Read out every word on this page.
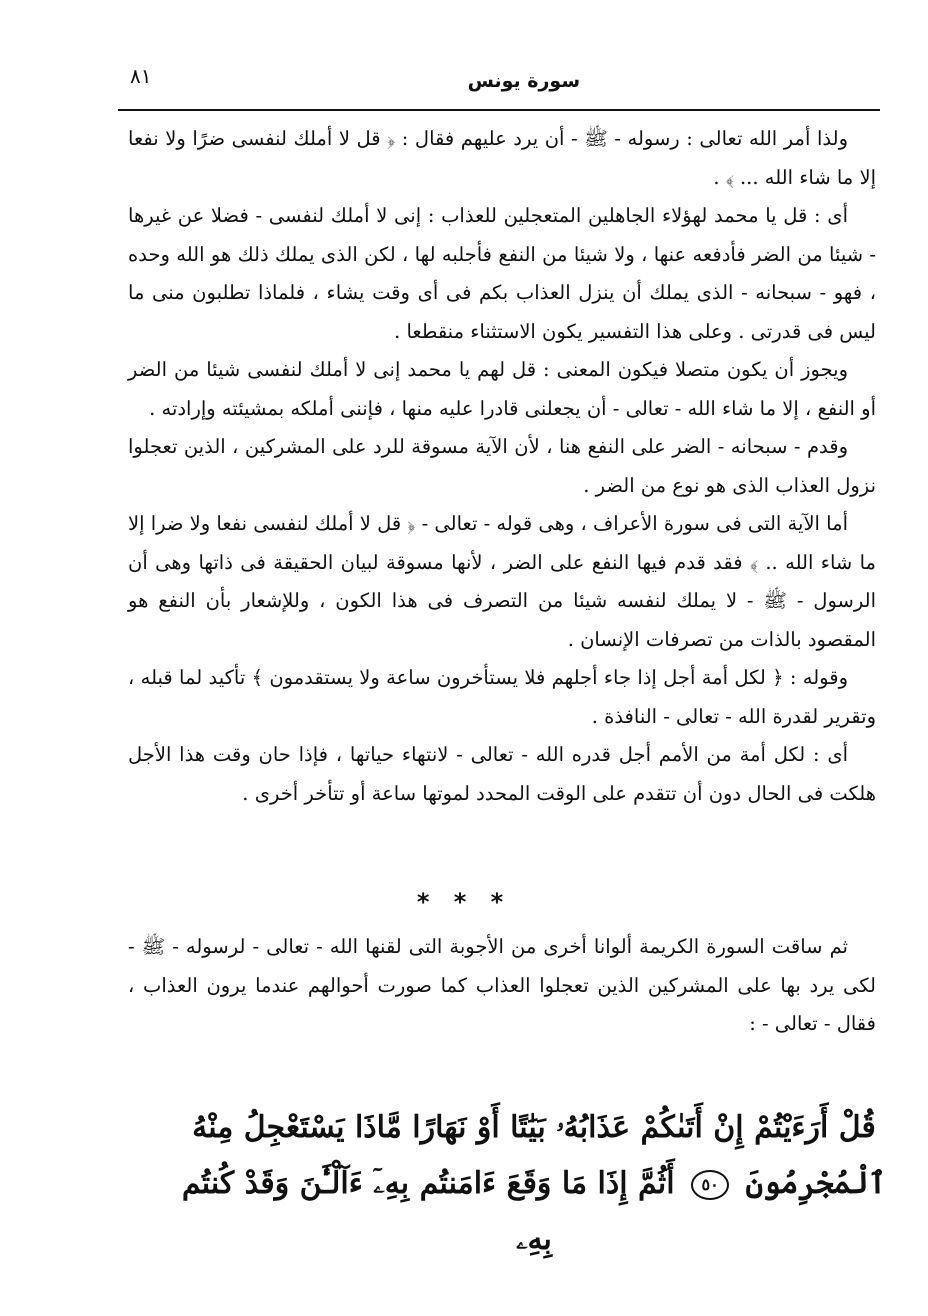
سورة يونس
٨١

ولذا أمر الله تعالى : رسوله - ﷺ - أن يرد عليهم فقال : ﴿ قل لا أملك لنفسى ضرًا ولا نفعا إلا ما شاء الله ... ﴾ .

أى : قل يا محمد لهؤلاء الجاهلين المتعجلين للعذاب : إنى لا أملك لنفسى - فضلا عن غيرها - شيئا من الضر فأدفعه عنها ، ولا شيئا من النفع فأجلبه لها ، لكن الذى يملك ذلك هو الله وحده ، فهو - سبحانه - الذى يملك أن ينزل العذاب بكم فى أى وقت يشاء ، فلماذا تطلبون منى ما ليس فى قدرتى . وعلى هذا التفسير يكون الاستثناء منقطعا .

ويجوز أن يكون متصلا فيكون المعنى : قل لهم يا محمد إنى لا أملك لنفسى شيئا من الضر أو النفع ، إلا ما شاء الله - تعالى - أن يجعلنى قادرا عليه منها ، فإننى أملكه بمشيئته وإرادته .

وقدم - سبحانه - الضر على النفع هنا ، لأن الآية مسوقة للرد على المشركين ، الذين تعجلوا نزول العذاب الذى هو نوع من الضر .

أما الآية التى فى سورة الأعراف ، وهى قوله - تعالى - ﴿ قل لا أملك لنفسى نفعا ولا ضرا إلا ما شاء الله .. ﴾ فقد قدم فيها النفع على الضر ، لأنها مسوقة لبيان الحقيقة فى ذاتها وهى أن الرسول - ﷺ - لا يملك لنفسه شيئا من التصرف فى هذا الكون ، وللإشعار بأن النفع هو المقصود بالذات من تصرفات الإنسان .

وقوله : ﴿ لكل أمة أجل إذا جاء أجلهم فلا يستأخرون ساعة ولا يستقدمون ﴾ تأكيد لما قبله ، وتقرير لقدرة الله - تعالى - النافذة .

أى : لكل أمة من الأمم أجل قدره الله - تعالى - لانتهاء حياتها ، فإذا حان وقت هذا الأجل هلكت فى الحال دون أن تتقدم على الوقت المحدد لموتها ساعة أو تتأخر أخرى .

* * *

ثم ساقت السورة الكريمة ألوانا أخرى من الأجوبة التى لقنها الله - تعالى - لرسوله - ﷺ - لكى يرد بها على المشركين الذين تعجلوا العذاب كما صورت أحوالهم عندما يرون العذاب ، فقال - تعالى - :

قُلْ أَرَءَيْتُمْ إِنْ أَتَىٰكُمْ عَذَابُهُۥ بَيَٰتًا أَوْ نَهَارًا مَّاذَا يَسْتَعْجِلُ مِنْهُ
ٱلْمُجْرِمُونَ ٥٠ أَثُمَّ إِذَا مَا وَقَعَ ءَامَنتُم بِهِۦٓ ءَآلْـَٰٔنَ وَقَدْ كُنتُم بِهِۦ
